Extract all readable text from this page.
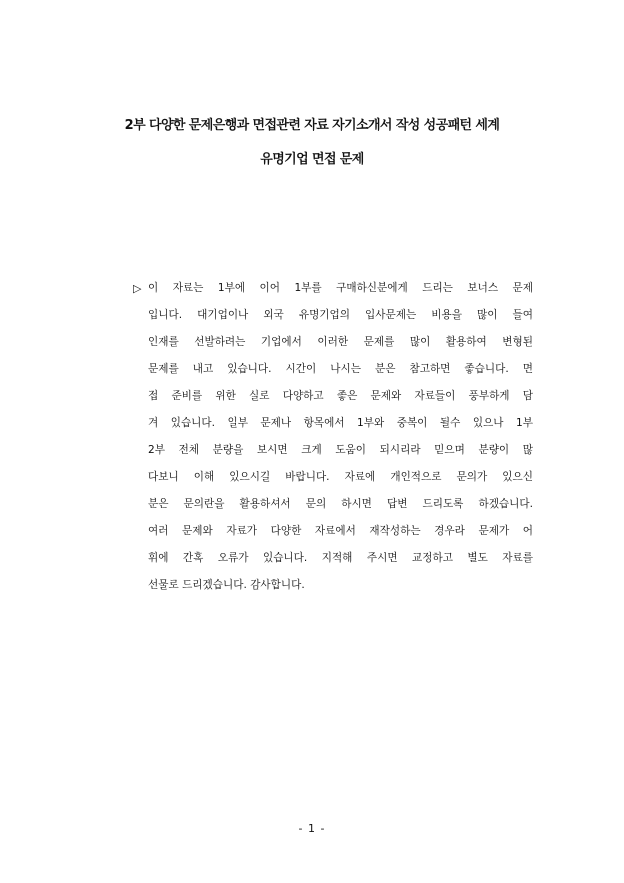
2부 다양한 문제은행과 면접관련 자료 자기소개서 작성 성공패턴 세계
유명기업 면접 문제
▷ 이 자료는 1부에 이어 1부를 구매하신분에게 드리는 보너스 문제
입니다. 대기업이나 외국 유명기업의 입사문제는 비용을 많이 들여
인재를 선발하려는 기업에서 이러한 문제를 많이 활용하여 변형된
문제를 내고 있습니다. 시간이 나시는 분은 참고하면 좋습니다. 면
접 준비를 위한 실로 다양하고 좋은 문제와 자료들이 풍부하게 담
겨 있습니다. 일부 문제나 항목에서 1부와 중복이 될수 있으나 1부
2부 전체 분량을 보시면 크게 도움이 되시리라 믿으며 분량이 많
다보니 이해 있으시길 바랍니다. 자료에 개인적으로 문의가 있으신
분은 문의란을 활용하셔서 문의 하시면 답변 드리도록 하겠습니다.
여러 문제와 자료가 다양한 자료에서 재작성하는 경우라 문제가 어
휘에 간혹 오류가 있습니다. 지적해 주시면 교정하고 별도 자료를
선물로 드리겠습니다. 감사합니다.
- 1 -
